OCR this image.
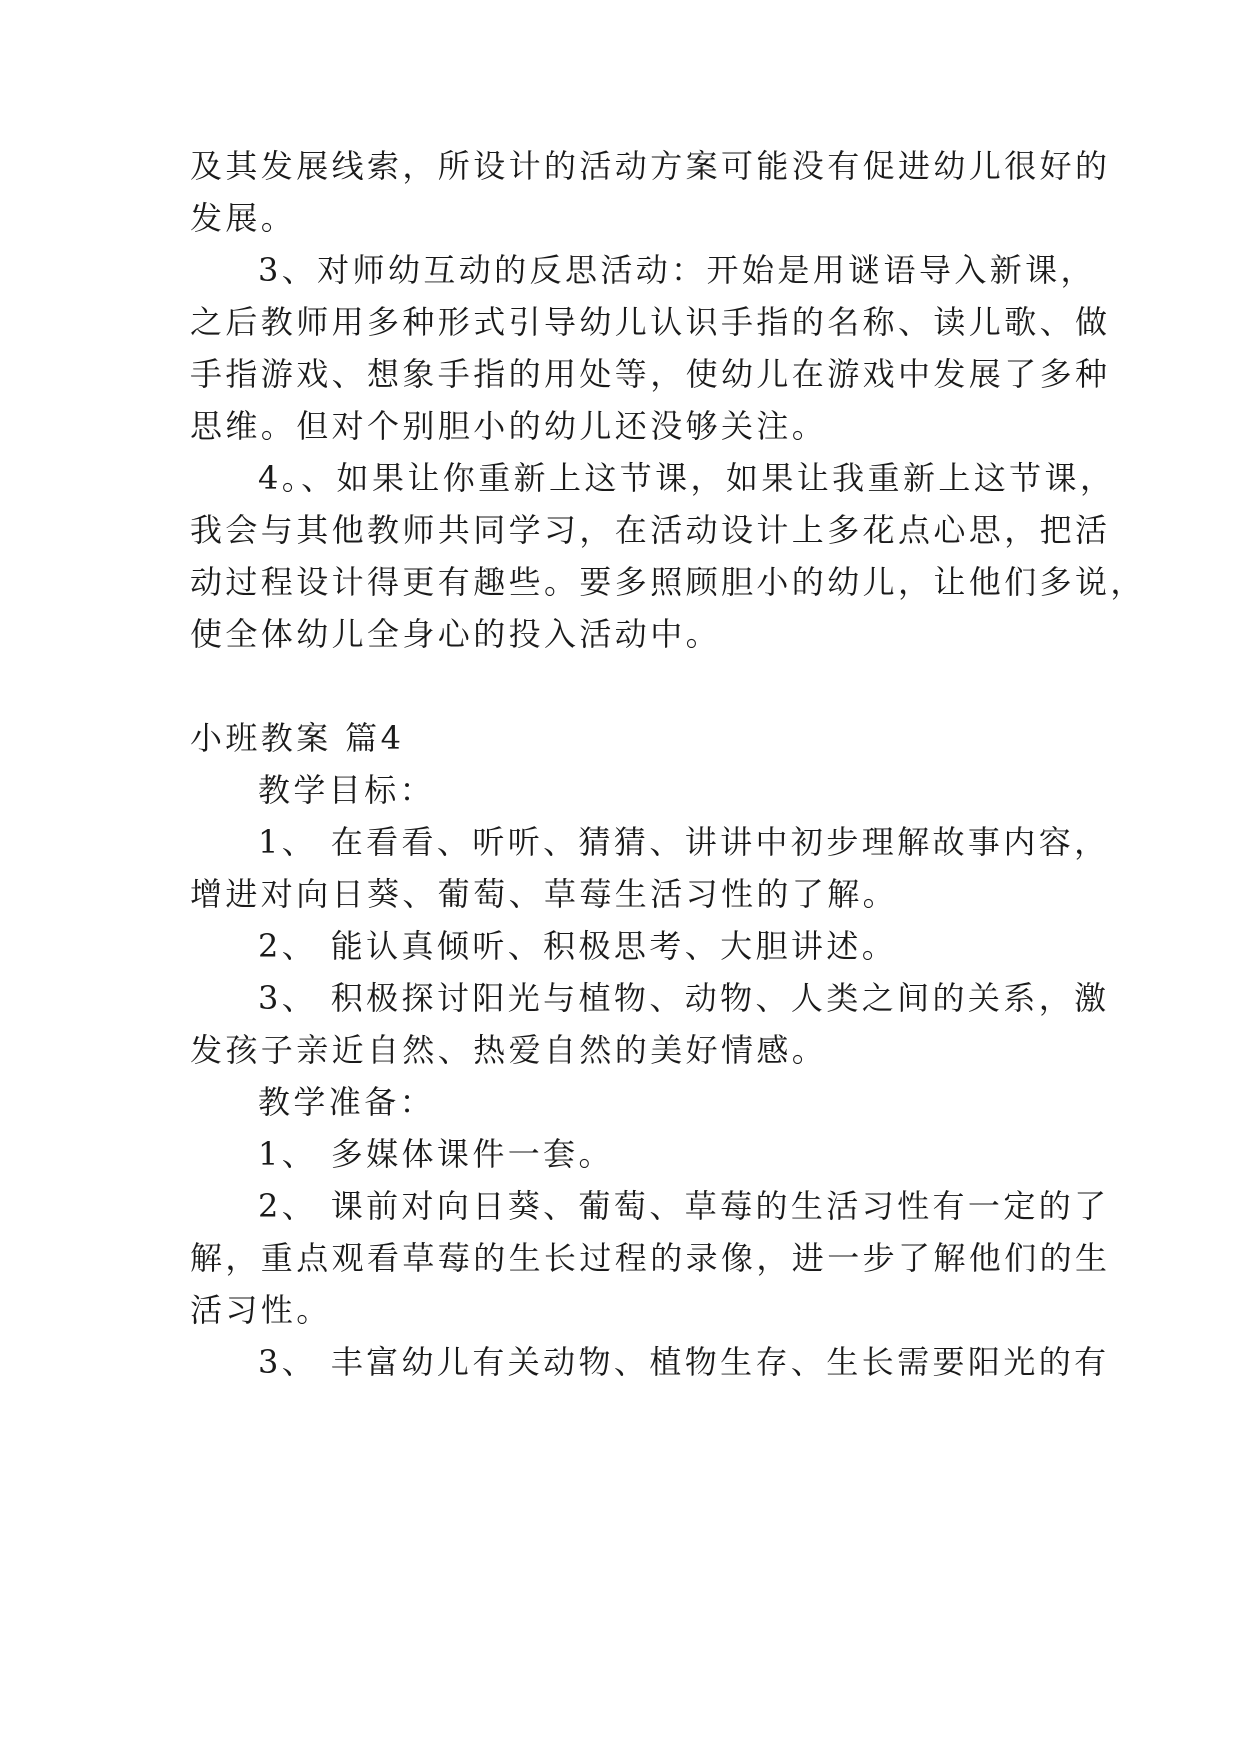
及其发展线索，所设计的活动方案可能没有促进幼儿很好的
发展。
3、对师幼互动的反思活动：开始是用谜语导入新课，
之后教师用多种形式引导幼儿认识手指的名称、读儿歌、做
手指游戏、想象手指的用处等，使幼儿在游戏中发展了多种
思维。但对个别胆小的幼儿还没够关注。
4。、如果让你重新上这节课，如果让我重新上这节课，
我会与其他教师共同学习，在活动设计上多花点心思，把活
动过程设计得更有趣些。要多照顾胆小的幼儿，让他们多说，
使全体幼儿全身心的投入活动中。
小班教案 篇4
教学目标：
1、 在看看、听听、猜猜、讲讲中初步理解故事内容，
增进对向日葵、葡萄、草莓生活习性的了解。
2、 能认真倾听、积极思考、大胆讲述。
3、 积极探讨阳光与植物、动物、人类之间的关系，激
发孩子亲近自然、热爱自然的美好情感。
教学准备：
1、 多媒体课件一套。
2、 课前对向日葵、葡萄、草莓的生活习性有一定的了
解，重点观看草莓的生长过程的录像，进一步了解他们的生
活习性。
3、 丰富幼儿有关动物、植物生存、生长需要阳光的有
